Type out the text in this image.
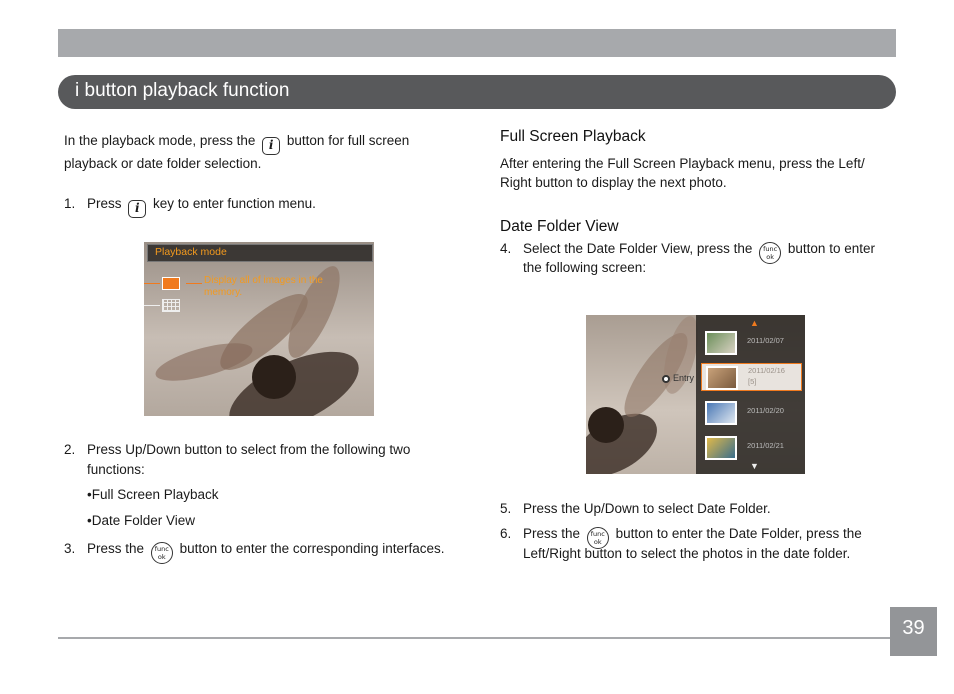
i button playback function
In the playback mode, press the i button for full screen
playback or date folder selection.
1. Press i key to enter function menu.
Playback mode
Display all of images in the
memory.
2. Press Up/Down button to select from the following two
functions:
•Full Screen Playback
•Date Folder View
3. Press the func
ok button to enter the corresponding interfaces.
Full Screen Playback
After entering the Full Screen Playback menu, press the Left/
Right button to display the next photo.
Date Folder View
4. Select the Date Folder View, press the func
ok button to enter
the following screen:
Entry
▲
2011/02/07
2011/02/16
[5]
2011/02/20
2011/02/21
▼
5. Press the Up/Down to select Date Folder.
6. Press the func
ok button to enter the Date Folder, press the
Left/Right button to select the photos in the date folder.
39
